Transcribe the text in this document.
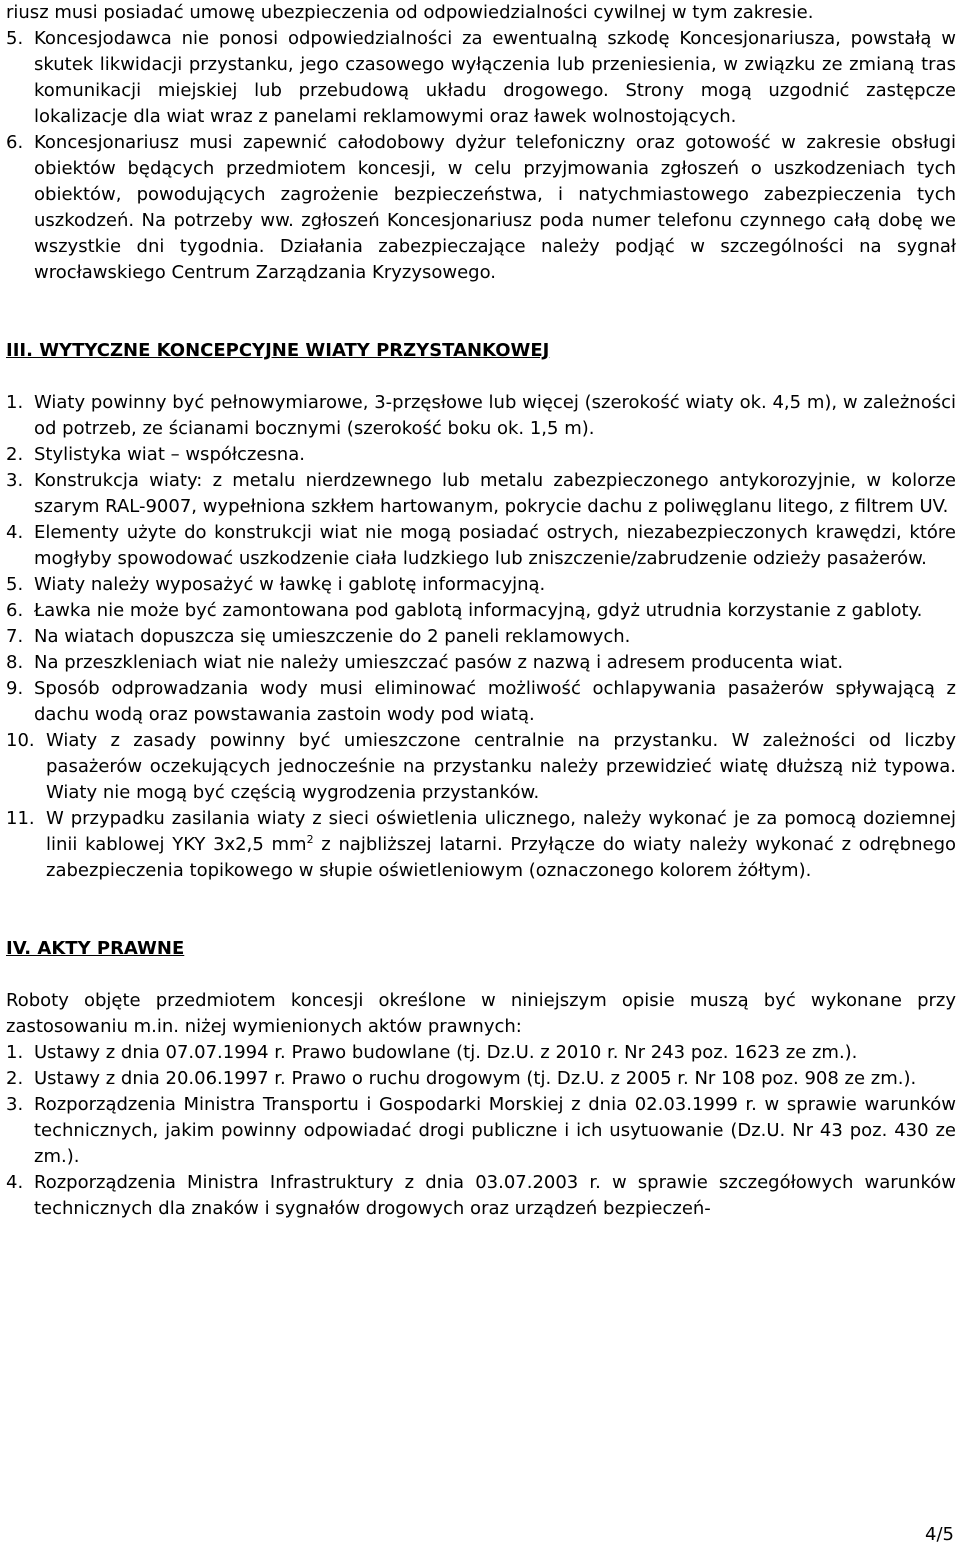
riusz musi posiadać umowę ubezpieczenia od odpowiedzialności cywilnej w tym zakresie.

5. Koncesjodawca nie ponosi odpowiedzialności za ewentualną szkodę Koncesjonariusza, powstałą w skutek likwidacji przystanku, jego czasowego wyłączenia lub przeniesienia, w związku ze zmianą tras komunikacji miejskiej lub przebudową układu drogowego. Strony mogą uzgodnić zastępcze lokalizacje dla wiat wraz z panelami reklamowymi oraz ławek wolnostojących.
6. Koncesjonariusz musi zapewnić całodobowy dyżur telefoniczny oraz gotowość w zakresie obsługi obiektów będących przedmiotem koncesji, w celu przyjmowania zgłoszeń o uszkodzeniach tych obiektów, powodujących zagrożenie bezpieczeństwa, i natychmiastowego zabezpieczenia tych uszkodzeń. Na potrzeby ww. zgłoszeń Koncesjonariusz poda numer telefonu czynnego całą dobę we wszystkie dni tygodnia. Działania zabezpieczające należy podjąć w szczególności na sygnał wrocławskiego Centrum Zarządzania Kryzysowego.
III. WYTYCZNE KONCEPCYJNE WIATY PRZYSTANKOWEJ
1. Wiaty powinny być pełnowymiarowe, 3-przęsłowe lub więcej (szerokość wiaty ok. 4,5 m), w zależności od potrzeb, ze ścianami bocznymi (szerokość boku ok. 1,5 m).
2. Stylistyka wiat – współczesna.
3. Konstrukcja wiaty: z metalu nierdzewnego lub metalu zabezpieczonego antykorozyjnie, w kolorze szarym RAL-9007, wypełniona szkłem hartowanym, pokrycie dachu z poliwęglanu litego, z filtrem UV.
4. Elementy użyte do konstrukcji wiat nie mogą posiadać ostrych, niezabezpieczonych krawędzi, które mogłyby spowodować uszkodzenie ciała ludzkiego lub zniszczenie/zabrudzenie odzieży pasażerów.
5. Wiaty należy wyposażyć w ławkę i gablotę informacyjną.
6. Ławka nie może być zamontowana pod gablotą informacyjną, gdyż utrudnia korzystanie z gabloty.
7. Na wiatach dopuszcza się umieszczenie do 2 paneli reklamowych.
8. Na przeszkleniach wiat nie należy umieszczać pasów z nazwą i adresem producenta wiat.
9. Sposób odprowadzania wody musi eliminować możliwość ochlapywania pasażerów spływającą z dachu wodą oraz powstawania zastoin wody pod wiatą.
10. Wiaty z zasady powinny być umieszczone centralnie na przystanku. W zależności od liczby pasażerów oczekujących jednocześnie na przystanku należy przewidzieć wiatę dłuższą niż typowa. Wiaty nie mogą być częścią wygrodzenia przystanków.
11. W przypadku zasilania wiaty z sieci oświetlenia ulicznego, należy wykonać je za pomocą doziemnej linii kablowej YKY 3x2,5 $mm^2$ z najbliższej latarni. Przyłącze do wiaty należy wykonać z odrębnego zabezpieczenia topikowego w słupie oświetleniowym (oznaczonego kolorem żółtym).
IV. AKTY PRAWNE

Roboty objęte przedmiotem koncesji określone w niniejszym opisie muszą być wykonane przy zastosowaniu m.in. niżej wymienionych aktów prawnych:

1. Ustawy z dnia 07.07.1994 r. Prawo budowlane (tj. Dz.U. z 2010 r. Nr 243 poz. 1623 ze zm.).
2. Ustawy z dnia 20.06.1997 r. Prawo o ruchu drogowym (tj. Dz.U. z 2005 r. Nr 108 poz. 908 ze zm.).
3. Rozporządzenia Ministra Transportu i Gospodarki Morskiej z dnia 02.03.1999 r. w sprawie warunków technicznych, jakim powinny odpowiadać drogi publiczne i ich usytuowanie (Dz.U. Nr 43 poz. 430 ze zm.).
4. Rozporządzenia Ministra Infrastruktury z dnia 03.07.2003 r. w sprawie szczegółowych warunków technicznych dla znaków i sygnałów drogowych oraz urządzeń bezpieczeń-
4/5
